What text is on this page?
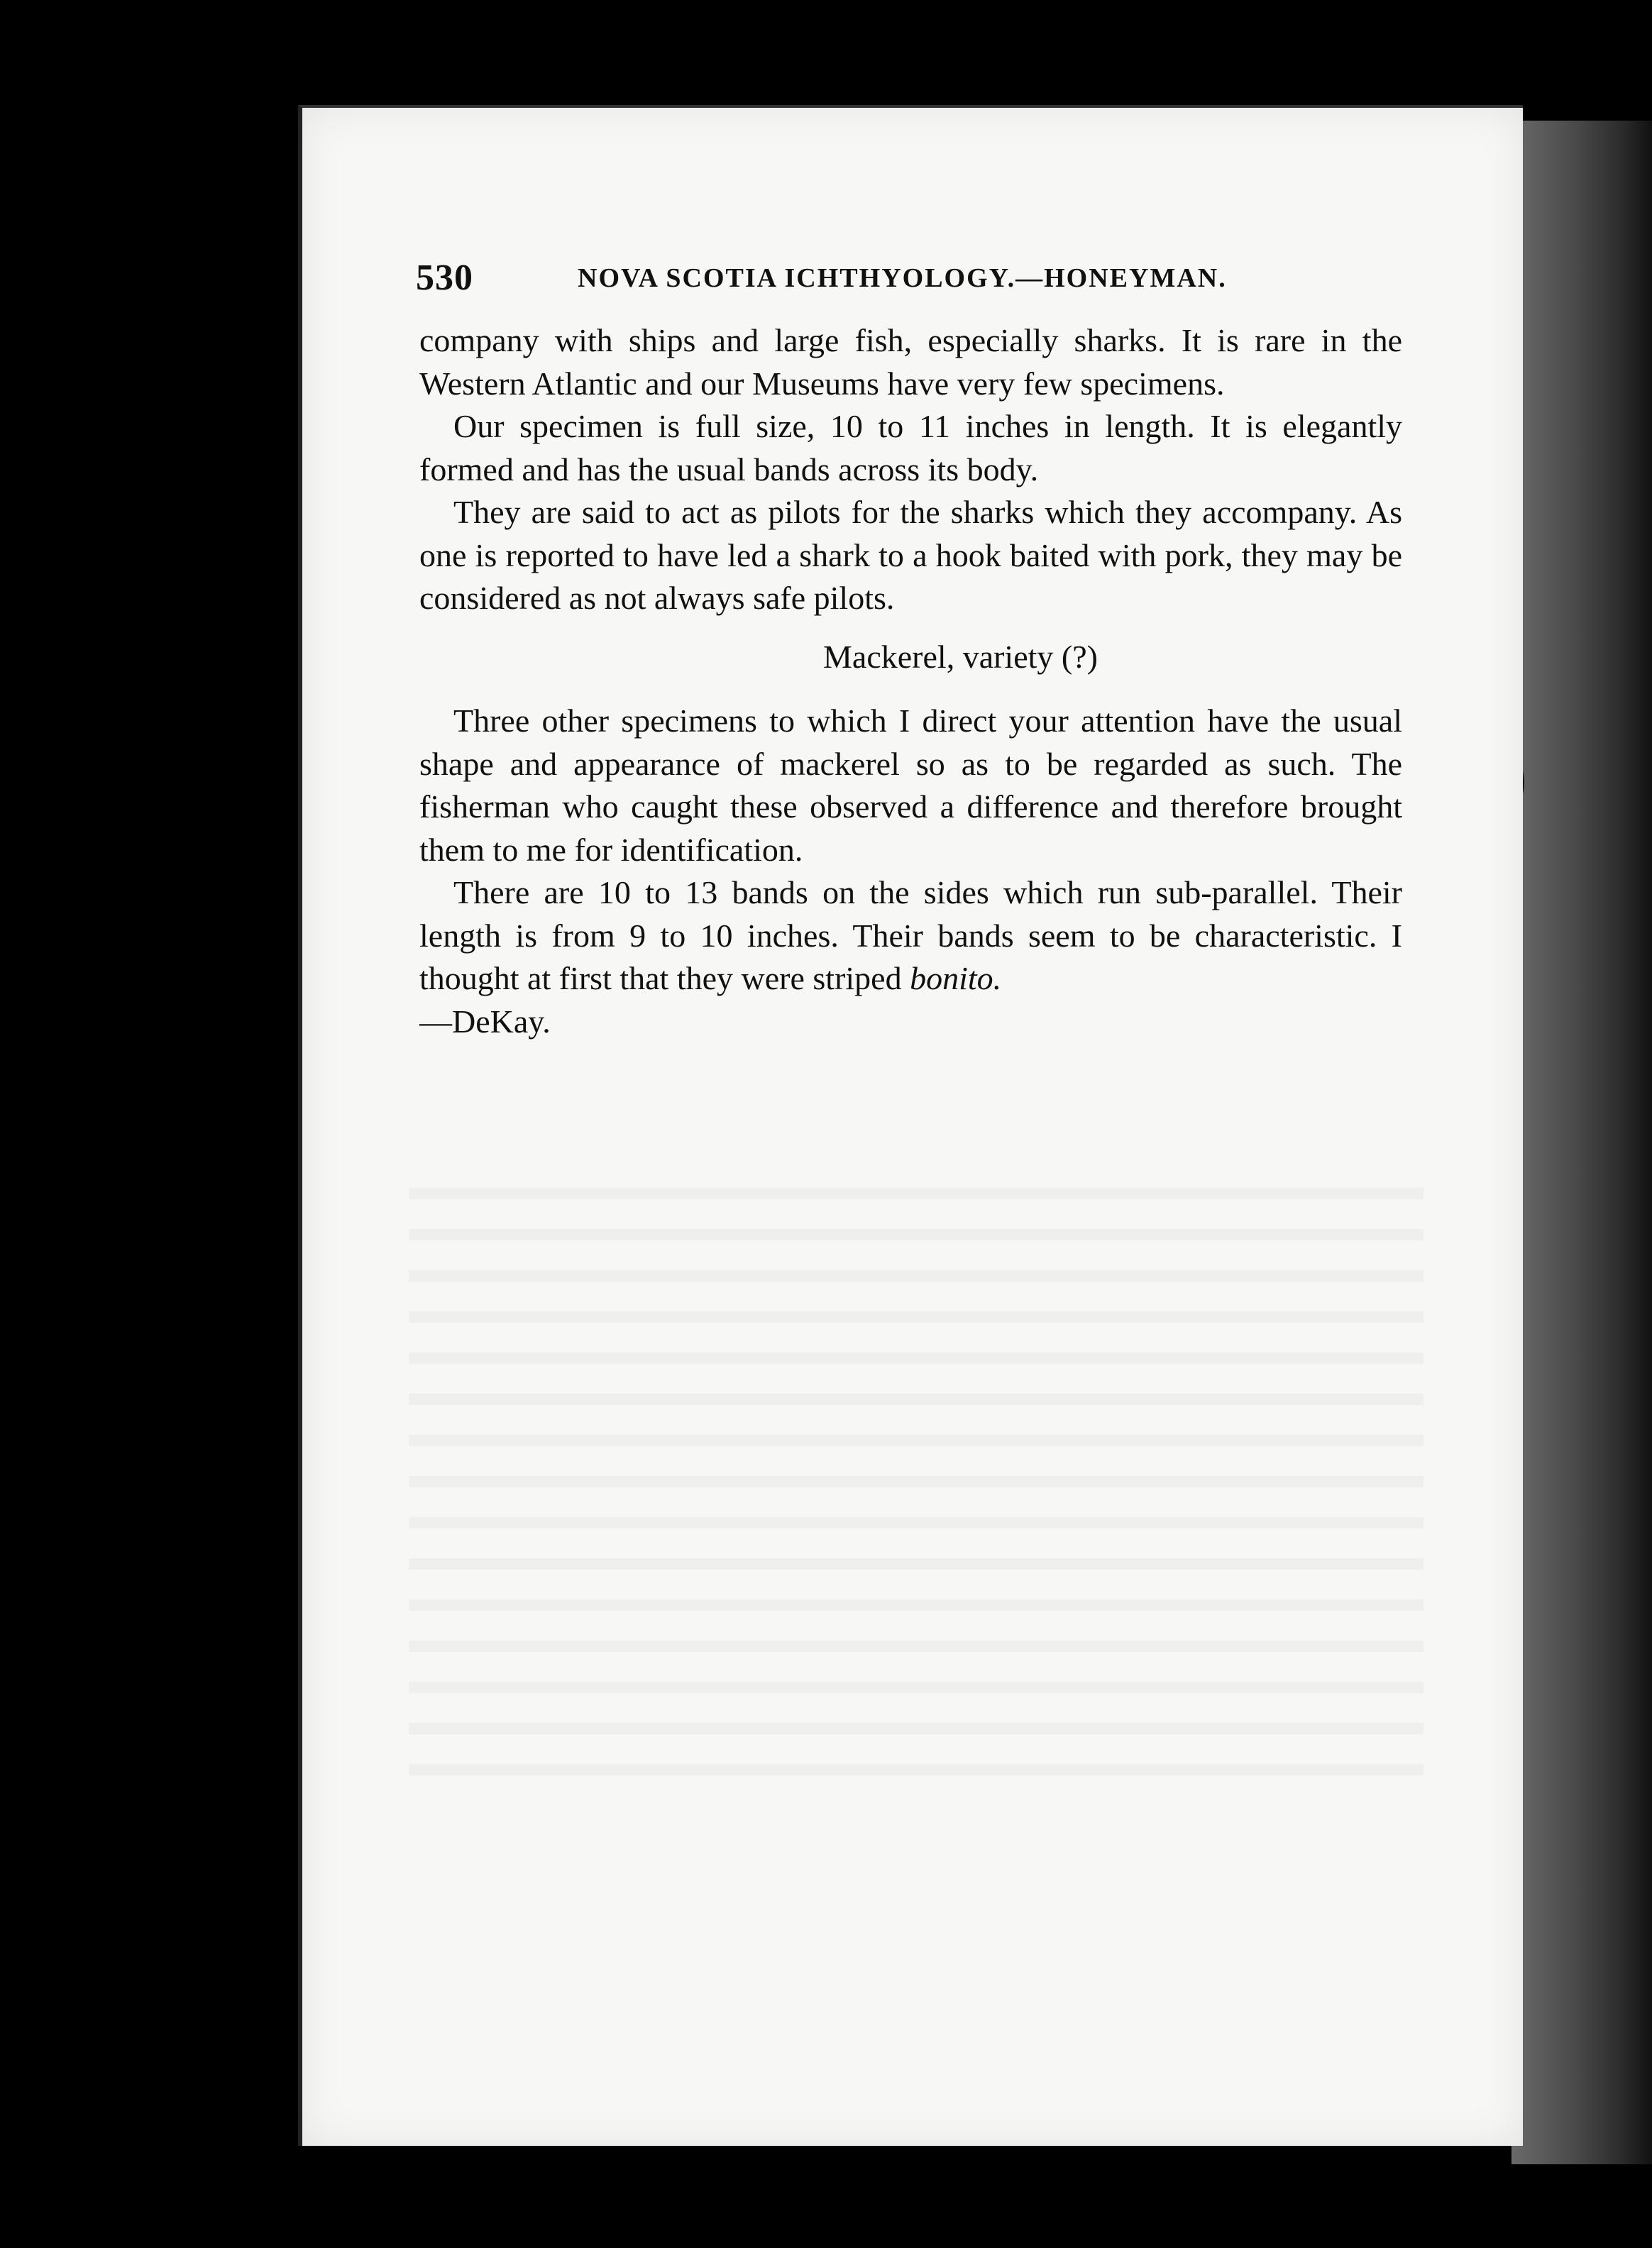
530	NOVA SCOTIA ICHTHYOLOGY.—HONEYMAN.

company with ships and large fish, especially sharks. It is rare in the Western Atlantic and our Museums have very few specimens.

Our specimen is full size, 10 to 11 inches in length. It is elegantly formed and has the usual bands across its body.

They are said to act as pilots for the sharks which they accompany. As one is reported to have led a shark to a hook baited with pork, they may be considered as not always safe pilots.

Mackerel, variety (?)

Three other specimens to which I direct your attention have the usual shape and appearance of mackerel so as to be regarded as such. The fisherman who caught these observed a difference and therefore brought them to me for identification.

There are 10 to 13 bands on the sides which run sub-parallel. Their length is from 9 to 10 inches. Their bands seem to be characteristic. I thought at first that they were striped bonito.

—DeKay.
